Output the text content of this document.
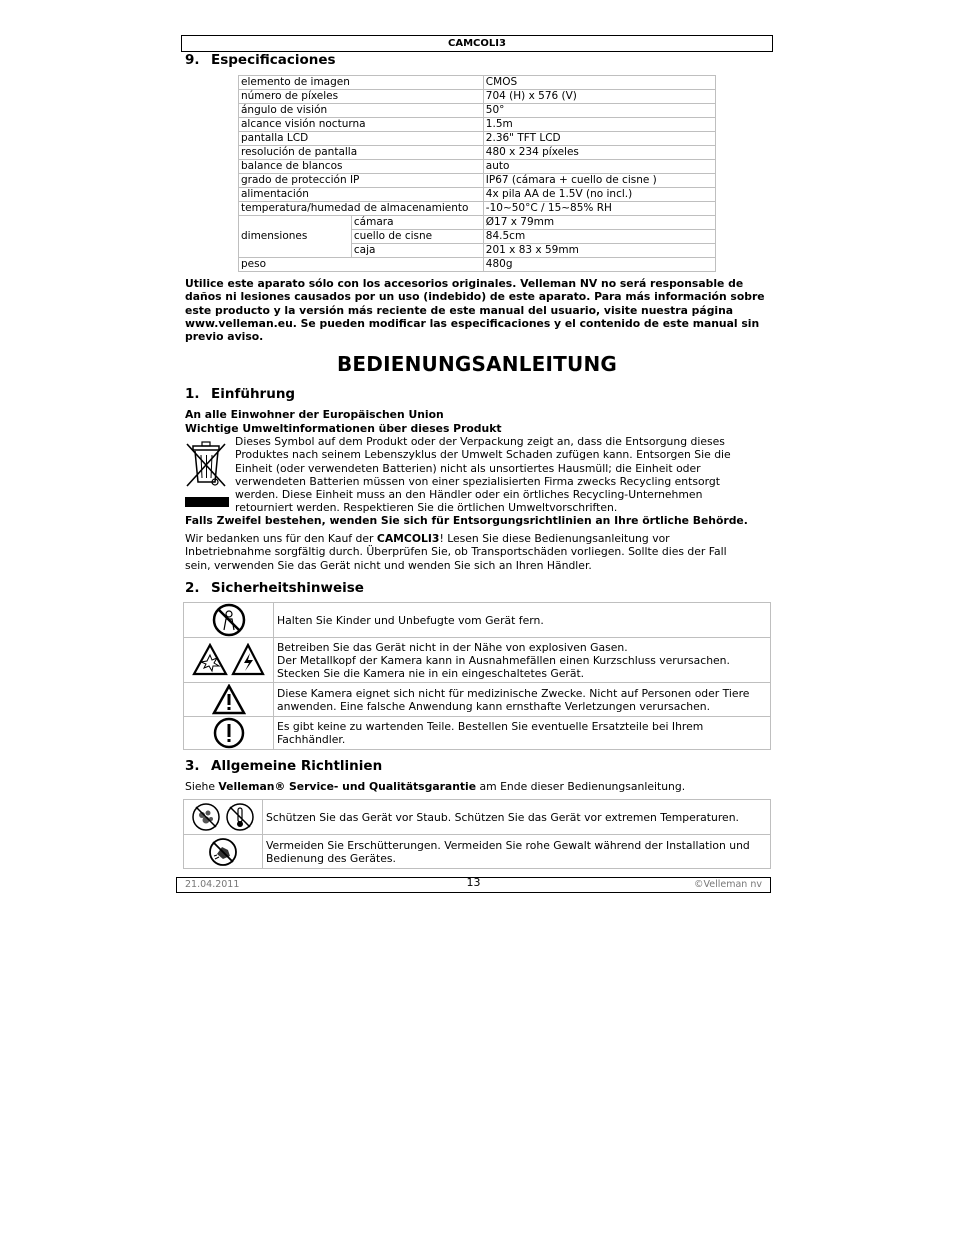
CAMCOLI3
9. Especificaciones
elemento de imagen		CMOS
número de píxeles		704 (H) x 576 (V)
ángulo de visión		50°
alcance visión nocturna		1.5m
pantalla LCD		2.36" TFT LCD
resolución de pantalla		480 x 234 píxeles
balance de blancos		auto
grado de protección IP		IP67 (cámara + cuello de cisne )
alimentación		4x pila AA de 1.5V (no incl.)
temperatura/humedad de almacenamiento		-10~50°C / 15~85% RH
dimensiones	cámara	Ø17 x 79mm
	cuello de cisne	84.5cm
	caja	201 x 83 x 59mm
peso		480g
Utilice este aparato sólo con los accesorios originales. Velleman NV no será responsable de
daños ni lesiones causados por un uso (indebido) de este aparato. Para más información sobre
este producto y la versión más reciente de este manual del usuario, visite nuestra página
www.velleman.eu. Se pueden modificar las especificaciones y el contenido de este manual sin
previo aviso.
BEDIENUNGSANLEITUNG
1. Einführung
An alle Einwohner der Europäischen Union
Wichtige Umweltinformationen über dieses Produkt
Dieses Symbol auf dem Produkt oder der Verpackung zeigt an, dass die Entsorgung dieses
Produktes nach seinem Lebenszyklus der Umwelt Schaden zufügen kann. Entsorgen Sie die
Einheit (oder verwendeten Batterien) nicht als unsortiertes Hausmüll; die Einheit oder
verwendeten Batterien müssen von einer spezialisierten Firma zwecks Recycling entsorgt
werden. Diese Einheit muss an den Händler oder ein örtliches Recycling-Unternehmen
retourniert werden. Respektieren Sie die örtlichen Umweltvorschriften.
Falls Zweifel bestehen, wenden Sie sich für Entsorgungsrichtlinien an Ihre örtliche Behörde.
Wir bedanken uns für den Kauf der CAMCOLI3! Lesen Sie diese Bedienungsanleitung vor
Inbetriebnahme sorgfältig durch. Überprüfen Sie, ob Transportschäden vorliegen. Sollte dies der Fall
sein, verwenden Sie das Gerät nicht und wenden Sie sich an Ihren Händler.
2. Sicherheitshinweise

Halten Sie Kinder und Unbefugte vom Gerät fern.

Betreiben Sie das Gerät nicht in der Nähe von explosiven Gasen.
Der Metallkopf der Kamera kann in Ausnahmefällen einen Kurzschluss verursachen.
Stecken Sie die Kamera nie in ein eingeschaltetes Gerät.

Diese Kamera eignet sich nicht für medizinische Zwecke. Nicht auf Personen oder Tiere
anwenden. Eine falsche Anwendung kann ernsthafte Verletzungen verursachen.

Es gibt keine zu wartenden Teile. Bestellen Sie eventuelle Ersatzteile bei Ihrem
Fachhändler.
3. Allgemeine Richtlinien
Siehe Velleman® Service- und Qualitätsgarantie am Ende dieser Bedienungsanleitung.

Schützen Sie das Gerät vor Staub. Schützen Sie das Gerät vor extremen Temperaturen.

Vermeiden Sie Erschütterungen. Vermeiden Sie rohe Gewalt während der Installation und
Bedienung des Gerätes.
21.04.2011	13	©Velleman nv
